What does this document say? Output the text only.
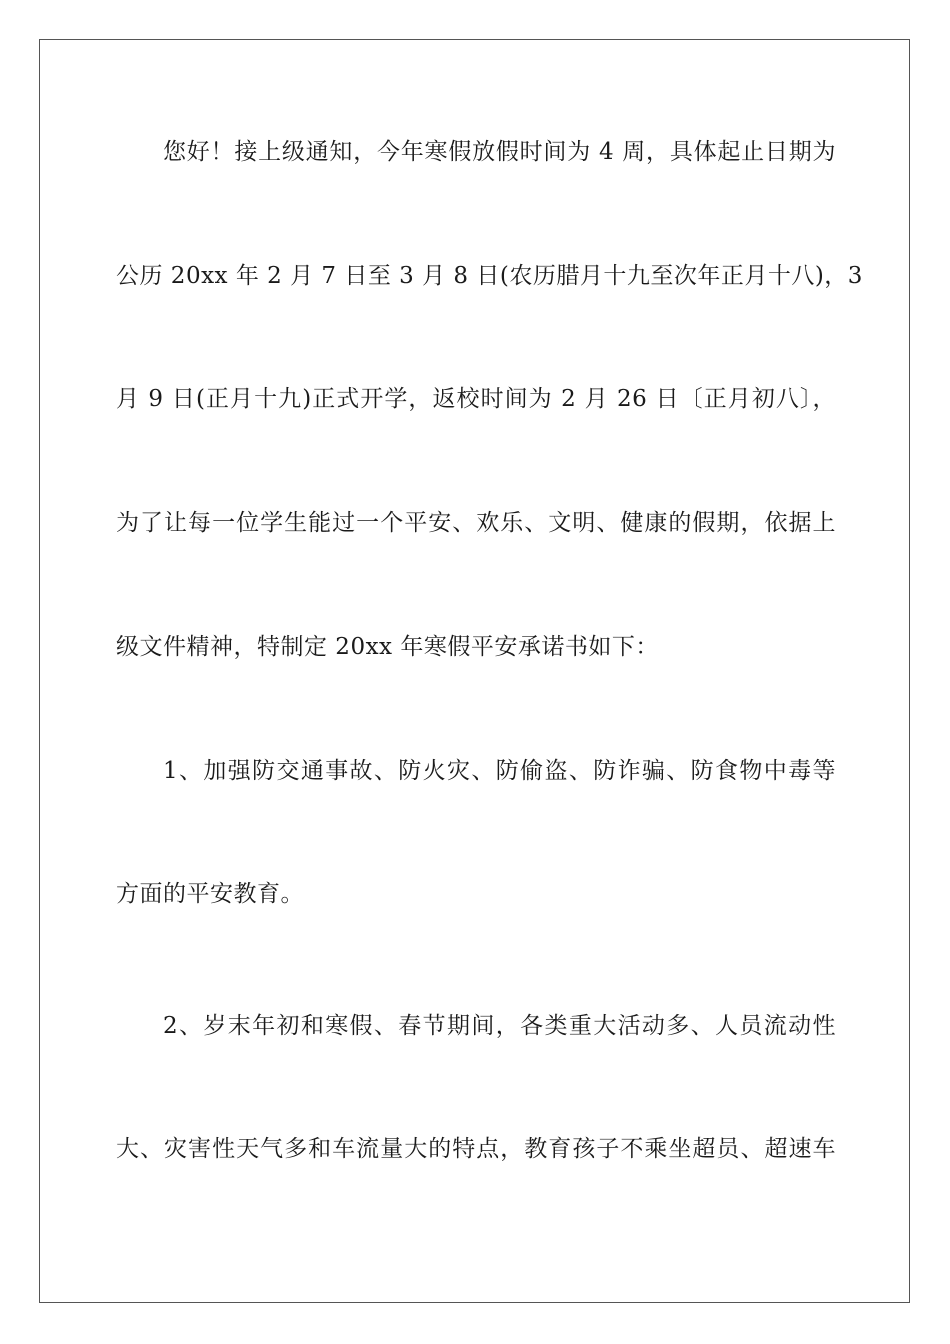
您好！接上级通知，今年寒假放假时间为 4 周，具体起止日期为
公历 20xx 年 2 月 7 日至 3 月 8 日(农历腊月十九至次年正月十八)，3
月 9 日(正月十九)正式开学，返校时间为 2 月 26 日〔正月初八〕，
为了让每一位学生能过一个平安、欢乐、文明、健康的假期，依据上
级文件精神，特制定 20xx 年寒假平安承诺书如下：
1、加强防交通事故、防火灾、防偷盗、防诈骗、防食物中毒等
方面的平安教育。
2、岁末年初和寒假、春节期间，各类重大活动多、人员流动性
大、灾害性天气多和车流量大的特点，教育孩子不乘坐超员、超速车
